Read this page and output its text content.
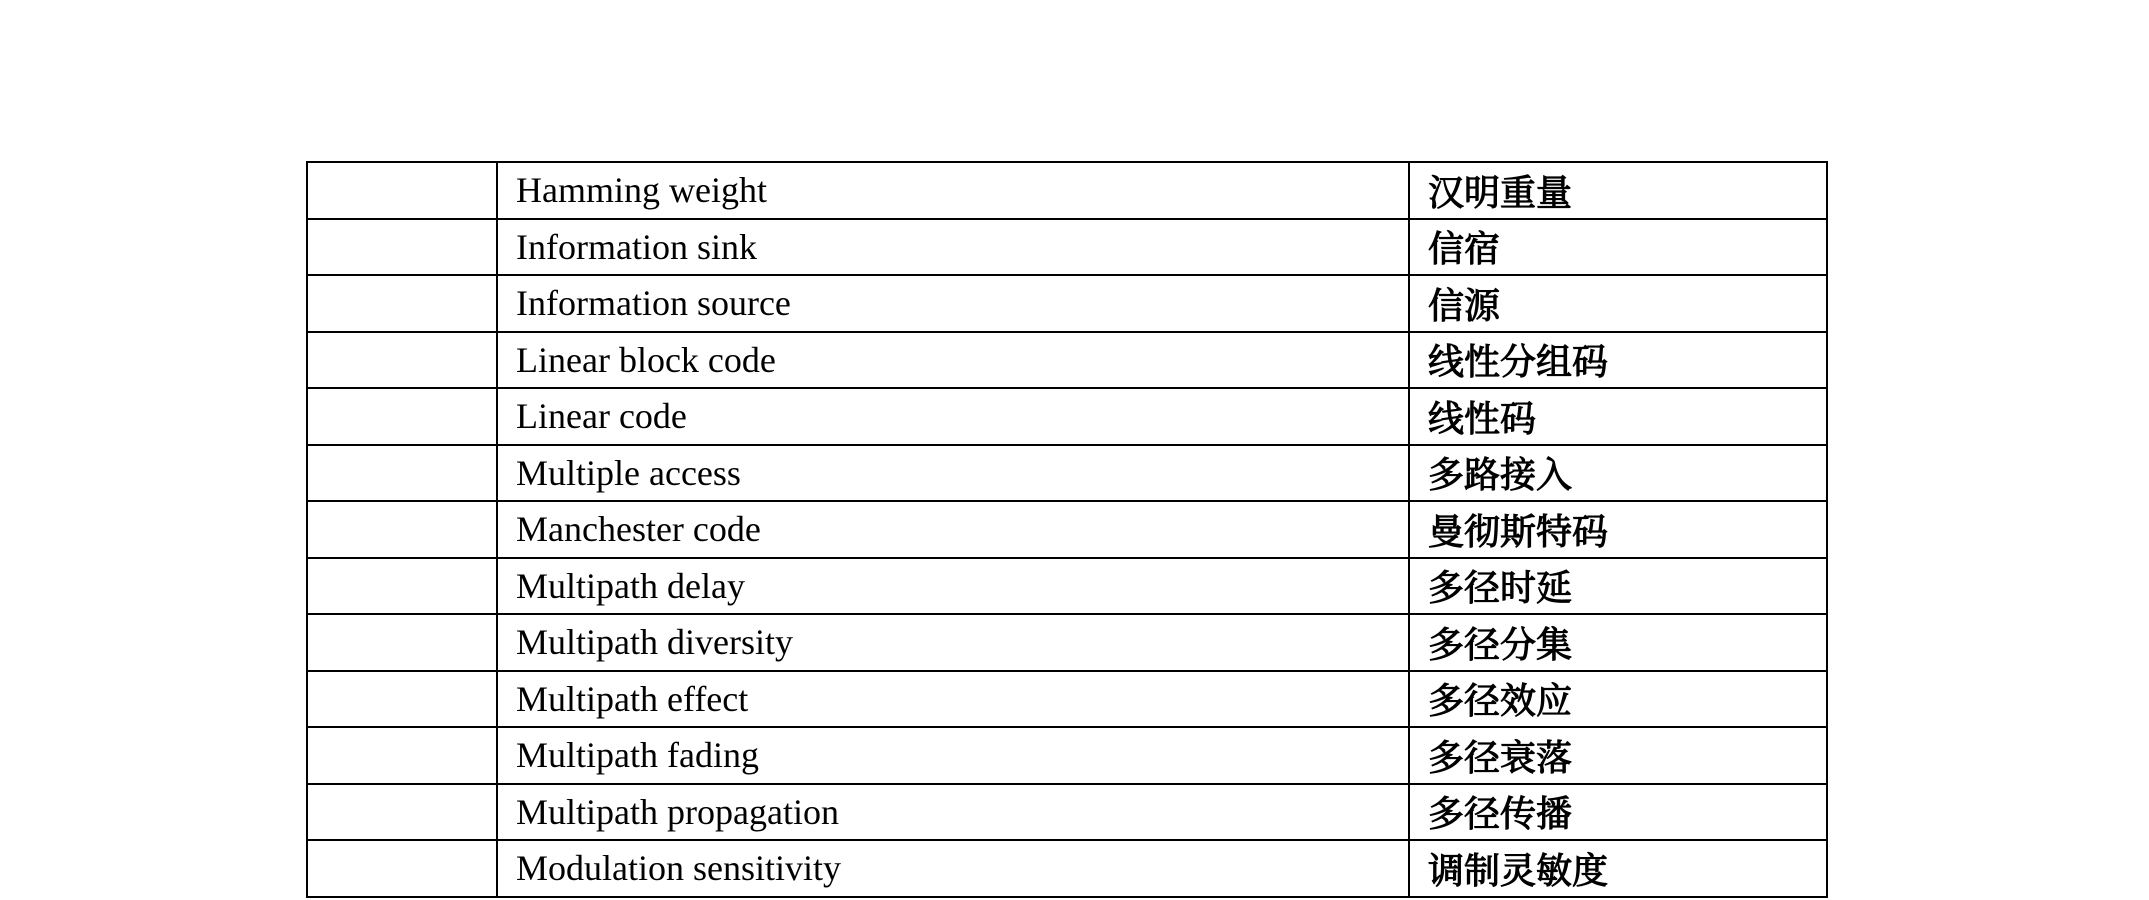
	Hamming weight	汉明重量
	Information sink	信宿
	Information source	信源
	Linear block code	线性分组码
	Linear code	线性码
	Multiple access	多路接入
	Manchester code	曼彻斯特码
	Multipath delay	多径时延
	Multipath diversity	多径分集
	Multipath effect	多径效应
	Multipath fading	多径衰落
	Multipath propagation	多径传播
	Modulation sensitivity	调制灵敏度
